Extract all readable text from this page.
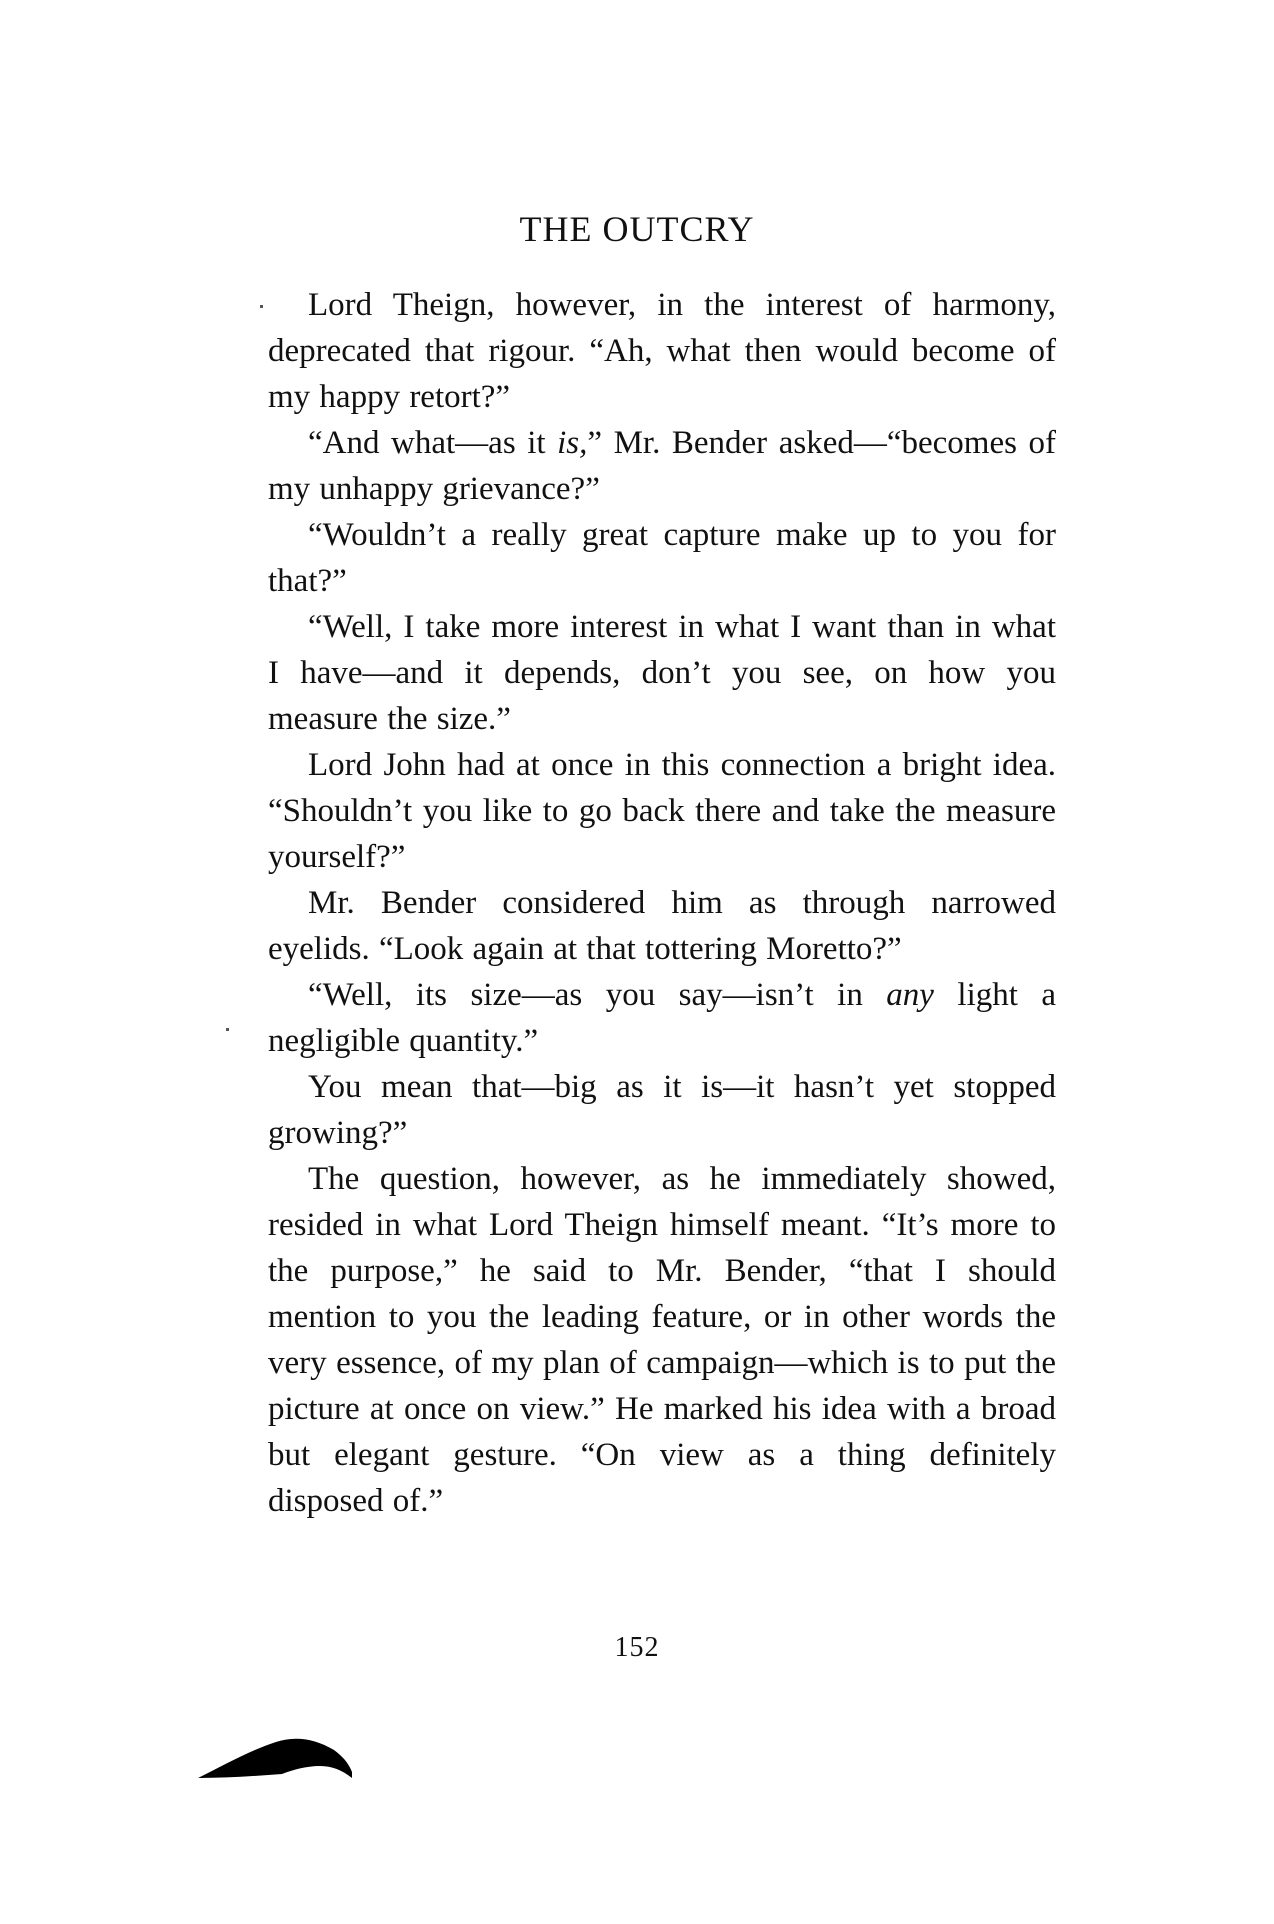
THE OUTCRY

Lord Theign, however, in the interest of harmony, deprecated that rigour. “Ah, what then would become of my happy retort?”

“And what—as it is,” Mr. Bender asked—“becomes of my unhappy grievance?”

“Wouldn’t a really great capture make up to you for that?”

“Well, I take more interest in what I want than in what I have—and it depends, don’t you see, on how you measure the size.”

Lord John had at once in this connection a bright idea. “Shouldn’t you like to go back there and take the measure yourself?”

Mr. Bender considered him as through narrowed eyelids. “Look again at that tottering Moretto?”

“Well, its size—as you say—isn’t in any light a negligible quantity.”

You mean that—big as it is—it hasn’t yet stopped growing?”

The question, however, as he immediately showed, resided in what Lord Theign himself meant. “It’s more to the purpose,” he said to Mr. Bender, “that I should mention to you the leading feature, or in other words the very essence, of my plan of campaign—which is to put the picture at once on view.” He marked his idea with a broad but elegant gesture. “On view as a thing definitely disposed of.”

152
